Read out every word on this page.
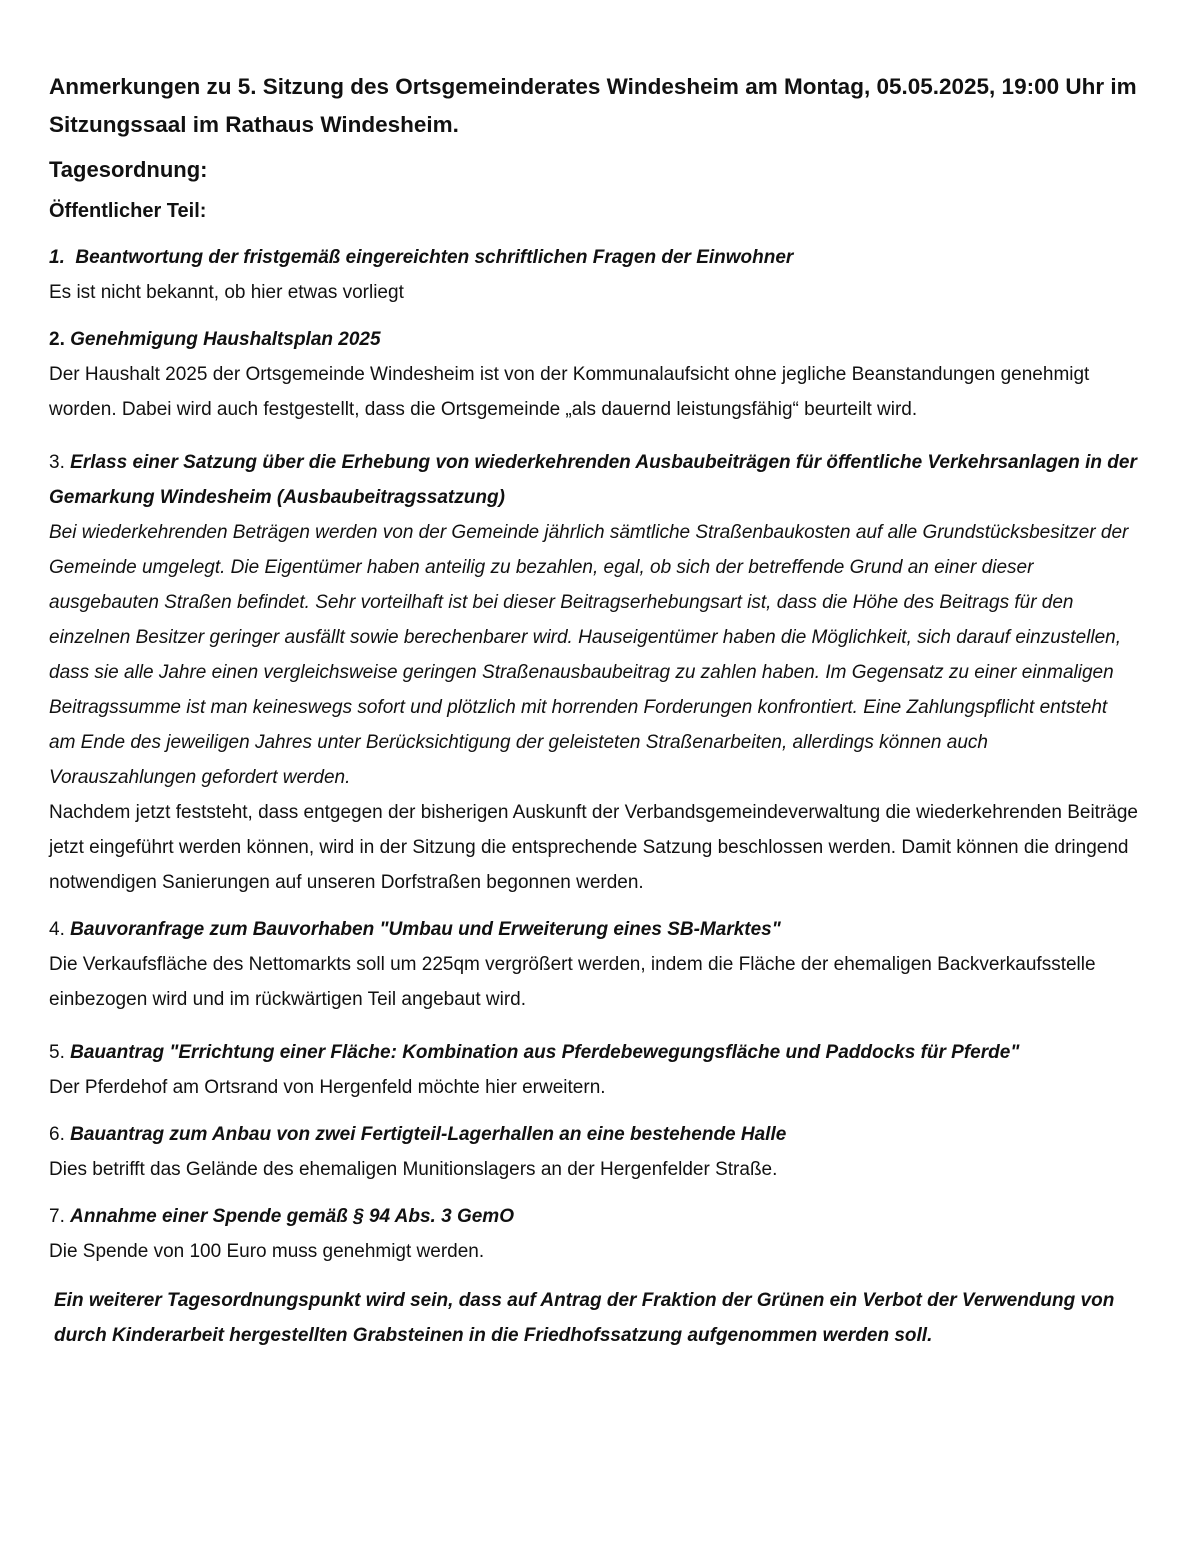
Anmerkungen zu 5. Sitzung des Ortsgemeinderates Windesheim am Montag, 05.05.2025, 19:00 Uhr im Sitzungssaal im Rathaus Windesheim.
Tagesordnung:
Öffentlicher Teil:
1. Beantwortung der fristgemäß eingereichten schriftlichen Fragen der Einwohner
Es ist nicht bekannt, ob hier etwas vorliegt
2. Genehmigung Haushaltsplan 2025
Der Haushalt 2025 der Ortsgemeinde Windesheim ist von der Kommunalaufsicht ohne jegliche Beanstandungen genehmigt worden. Dabei wird auch festgestellt, dass die Ortsgemeinde „als dauernd leistungsfähig“ beurteilt wird.
3. Erlass einer Satzung über die Erhebung von wiederkehrenden Ausbaubeiträgen für öffentliche Verkehrsanlagen in der Gemarkung Windesheim (Ausbaubeitragssatzung)
Bei wiederkehrenden Beträgen werden von der Gemeinde jährlich sämtliche Straßenbaukosten auf alle Grundstücksbesitzer der Gemeinde umgelegt. Die Eigentümer haben anteilig zu bezahlen, egal, ob sich der betreffende Grund an einer dieser ausgebauten Straßen befindet. Sehr vorteilhaft ist bei dieser Beitragserhebungsart ist, dass die Höhe des Beitrags für den einzelnen Besitzer geringer ausfällt sowie berechenbarer wird. Hauseigentümer haben die Möglichkeit, sich darauf einzustellen, dass sie alle Jahre einen vergleichsweise geringen Straßenausbaubeitrag zu zahlen haben. Im Gegensatz zu einer einmaligen Beitragssumme ist man keineswegs sofort und plötzlich mit horrenden Forderungen konfrontiert. Eine Zahlungspflicht entsteht am Ende des jeweiligen Jahres unter Berücksichtigung der geleisteten Straßenarbeiten, allerdings können auch Vorauszahlungen gefordert werden.
Nachdem jetzt feststeht, dass entgegen der bisherigen Auskunft der Verbandsgemeindeverwaltung die wiederkehrenden Beiträge jetzt eingeführt werden können, wird in der Sitzung die entsprechende Satzung beschlossen werden. Damit können die dringend notwendigen Sanierungen auf unseren Dorfstraßen begonnen werden.
4. Bauvoranfrage zum Bauvorhaben "Umbau und Erweiterung eines SB-Marktes"
Die Verkaufsfläche des Nettomarkts soll um 225qm vergrößert werden, indem die Fläche der ehemaligen Backverkaufsstelle einbezogen wird und im rückwärtigen Teil angebaut wird.
5. Bauantrag "Errichtung einer Fläche: Kombination aus Pferdebewegungsfläche und Paddocks für Pferde"
Der Pferdehof am Ortsrand von Hergenfeld möchte hier erweitern.
6. Bauantrag zum Anbau von zwei Fertigteil-Lagerhallen an eine bestehende Halle
Dies betrifft das Gelände des ehemaligen Munitionslagers an der Hergenfelder Straße.
7. Annahme einer Spende gemäß § 94 Abs. 3 GemO
Die Spende von 100 Euro muss genehmigt werden.
Ein weiterer Tagesordnungspunkt wird sein, dass auf Antrag der Fraktion der Grünen ein Verbot der Verwendung von durch Kinderarbeit hergestellten Grabsteinen in die Friedhofssatzung aufgenommen werden soll.
